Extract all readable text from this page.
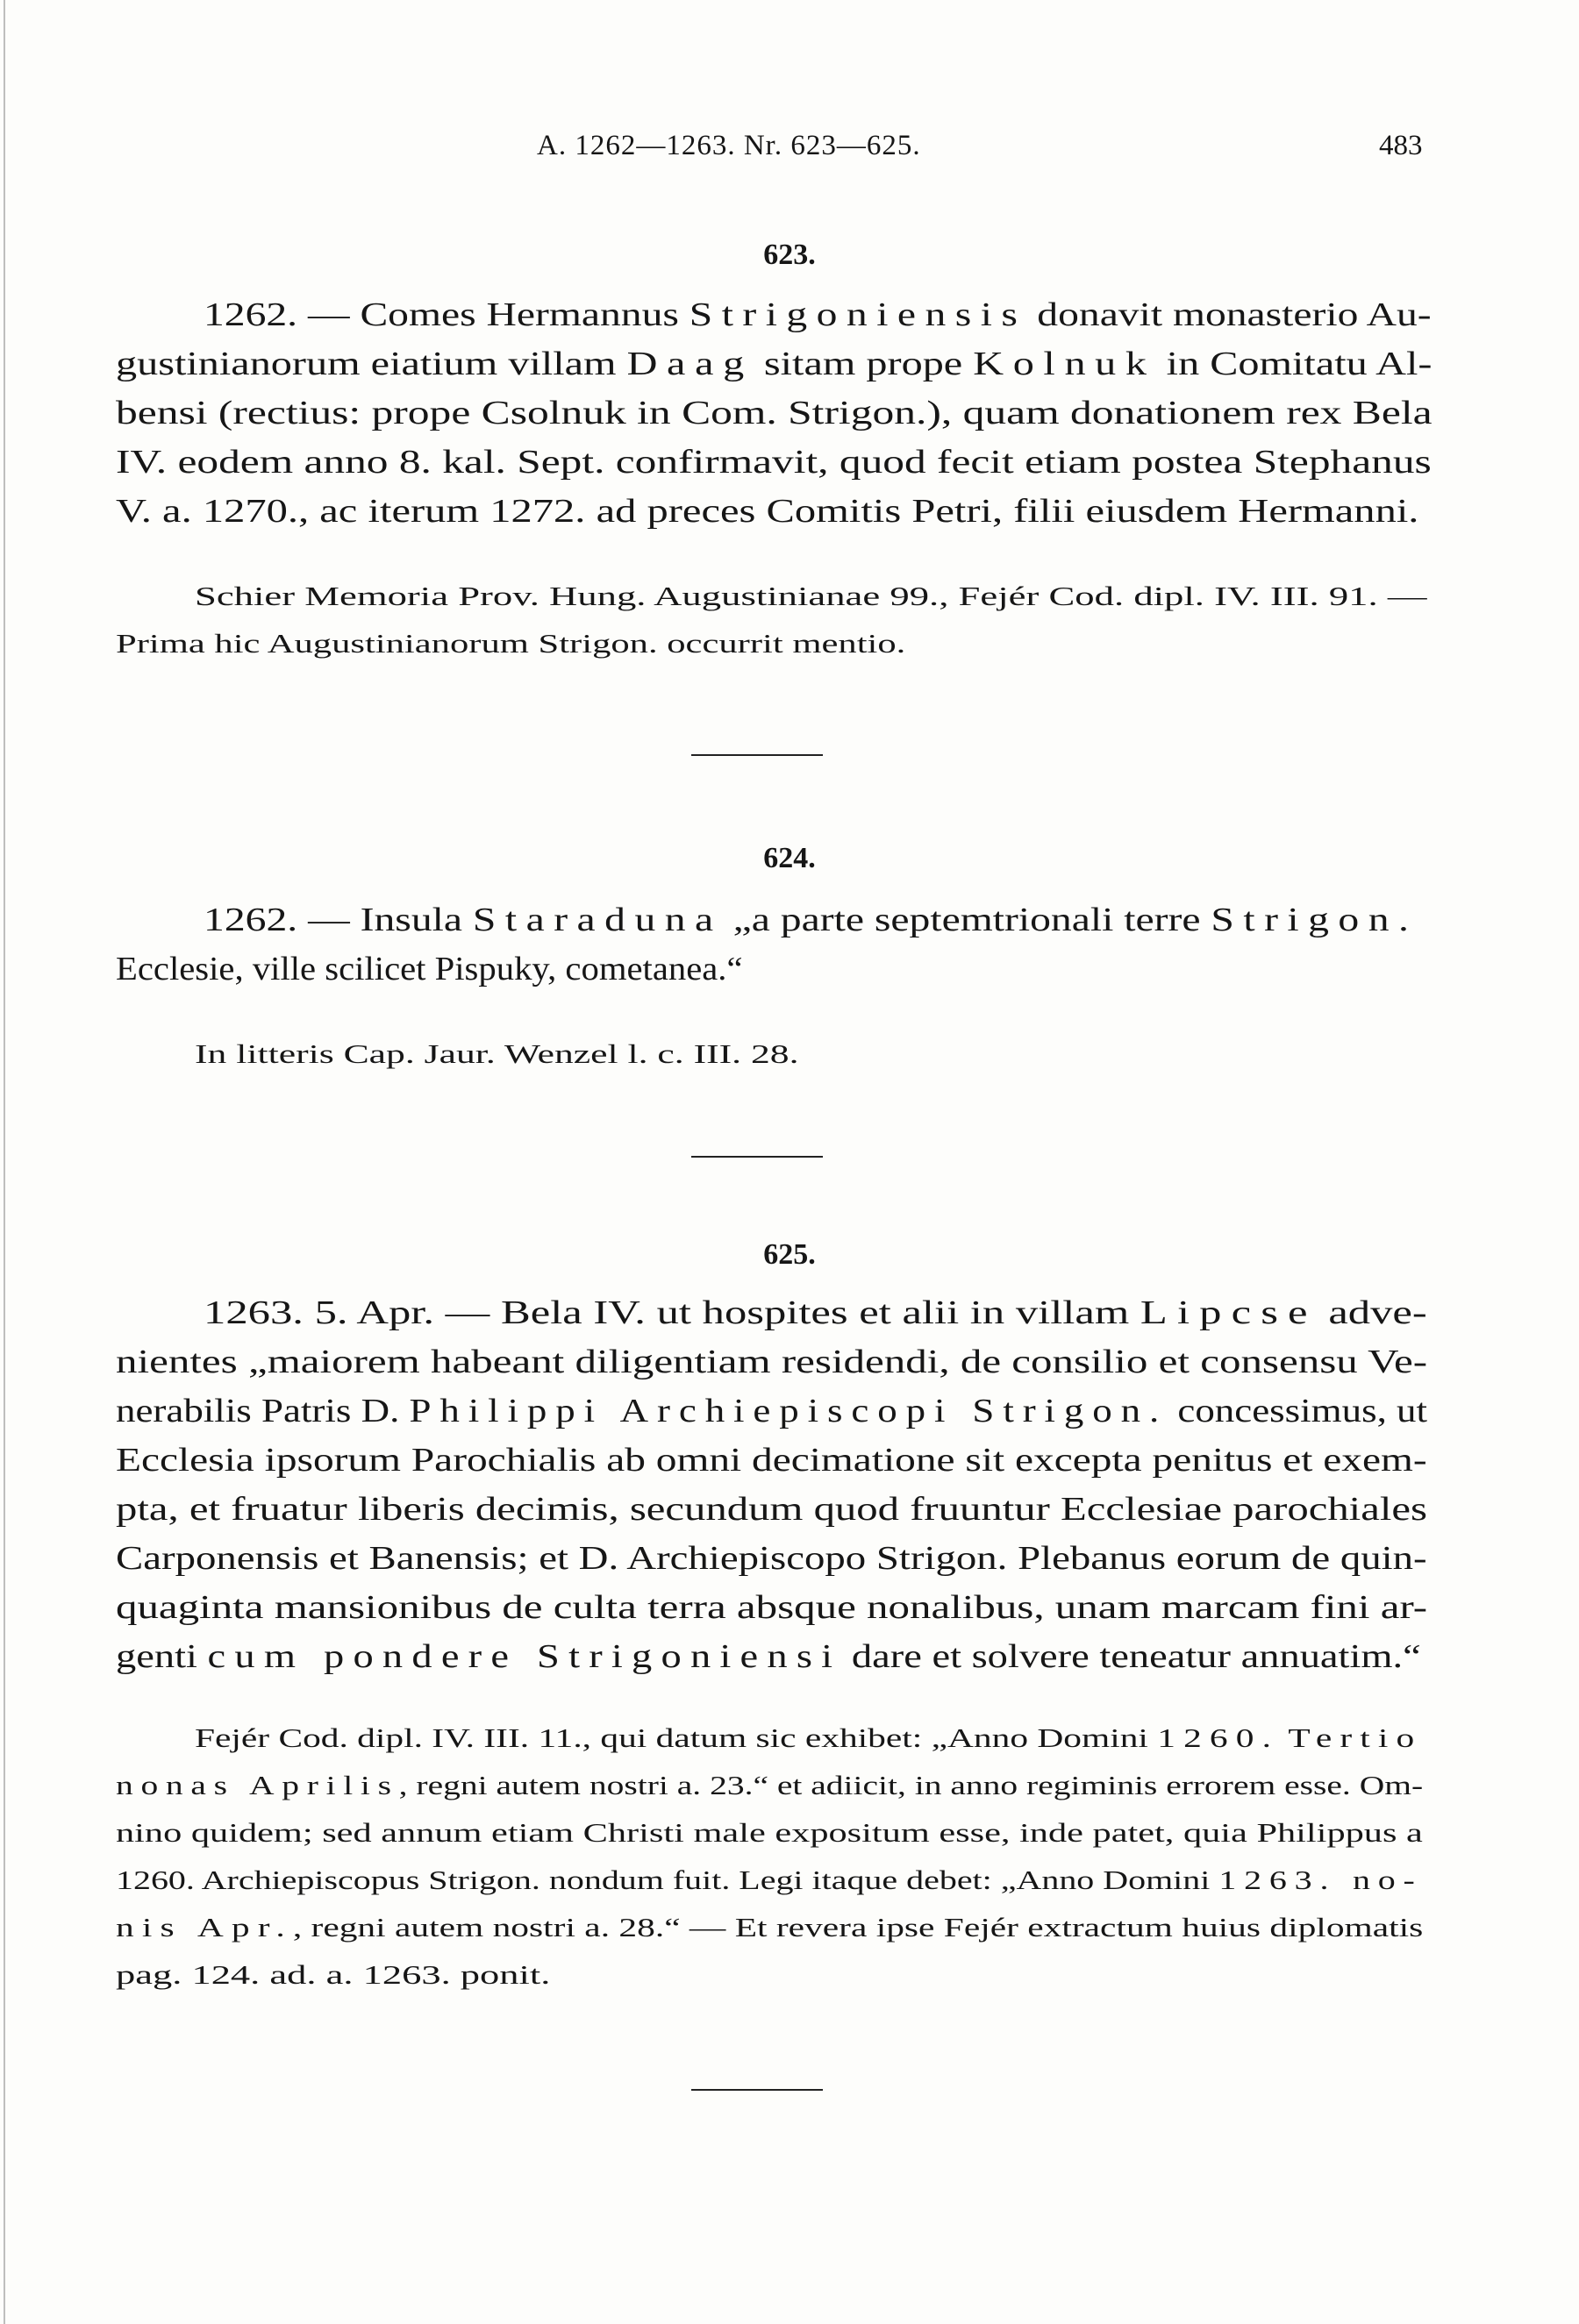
A. 1262—1263. Nr. 623—625.	483
623.
1262. — Comes Hermannus Strigoniensis donavit monasterio Au-
gustinianorum eiatium villam Daag sitam prope Kolnuk in Comitatu Al-
bensi (rectius: prope Csolnuk in Com. Strigon.), quam donationem rex Bela
IV. eodem anno 8. kal. Sept. confirmavit, quod fecit etiam postea Stephanus
V. a. 1270., ac iterum 1272. ad preces Comitis Petri, filii eiusdem Hermanni.
Schier Memoria Prov. Hung. Augustinianae 99., Fejér Cod. dipl. IV. III. 91. —
Prima hic Augustinianorum Strigon. occurrit mentio.
624.
1262. — Insula Staraduna „a parte septemtrionali terre Strigon.
Ecclesie, ville scilicet Pispuky, cometanea.“
In litteris Cap. Jaur. Wenzel l. c. III. 28.
625.
1263. 5. Apr. — Bela IV. ut hospites et alii in villam Lipcse adve-
nientes „maiorem habeant diligentiam residendi, de consilio et consensu Ve-
nerabilis Patris D. Philippi Archiepiscopi Strigon. concessimus, ut
Ecclesia ipsorum Parochialis ab omni decimatione sit excepta penitus et exem-
pta, et fruatur liberis decimis, secundum quod fruuntur Ecclesiae parochiales
Carponensis et Banensis; et D. Archiepiscopo Strigon. Plebanus eorum de quin-
quaginta mansionibus de culta terra absque nonalibus, unam marcam fini ar-
genti cum pondere Strigoniensi dare et solvere teneatur annuatim.“
Fejér Cod. dipl. IV. III. 11., qui datum sic exhibet: „Anno Domini 1260. Tertio
nonas Aprilis, regni autem nostri a. 23.“ et adiicit, in anno regiminis errorem esse. Om-
nino quidem; sed annum etiam Christi male expositum esse, inde patet, quia Philippus a
1260. Archiepiscopus Strigon. nondum fuit. Legi itaque debet: „Anno Domini 1263. no-
nis Apr., regni autem nostri a. 28.“ — Et revera ipse Fejér extractum huius diplomatis
pag. 124. ad. a. 1263. ponit.
